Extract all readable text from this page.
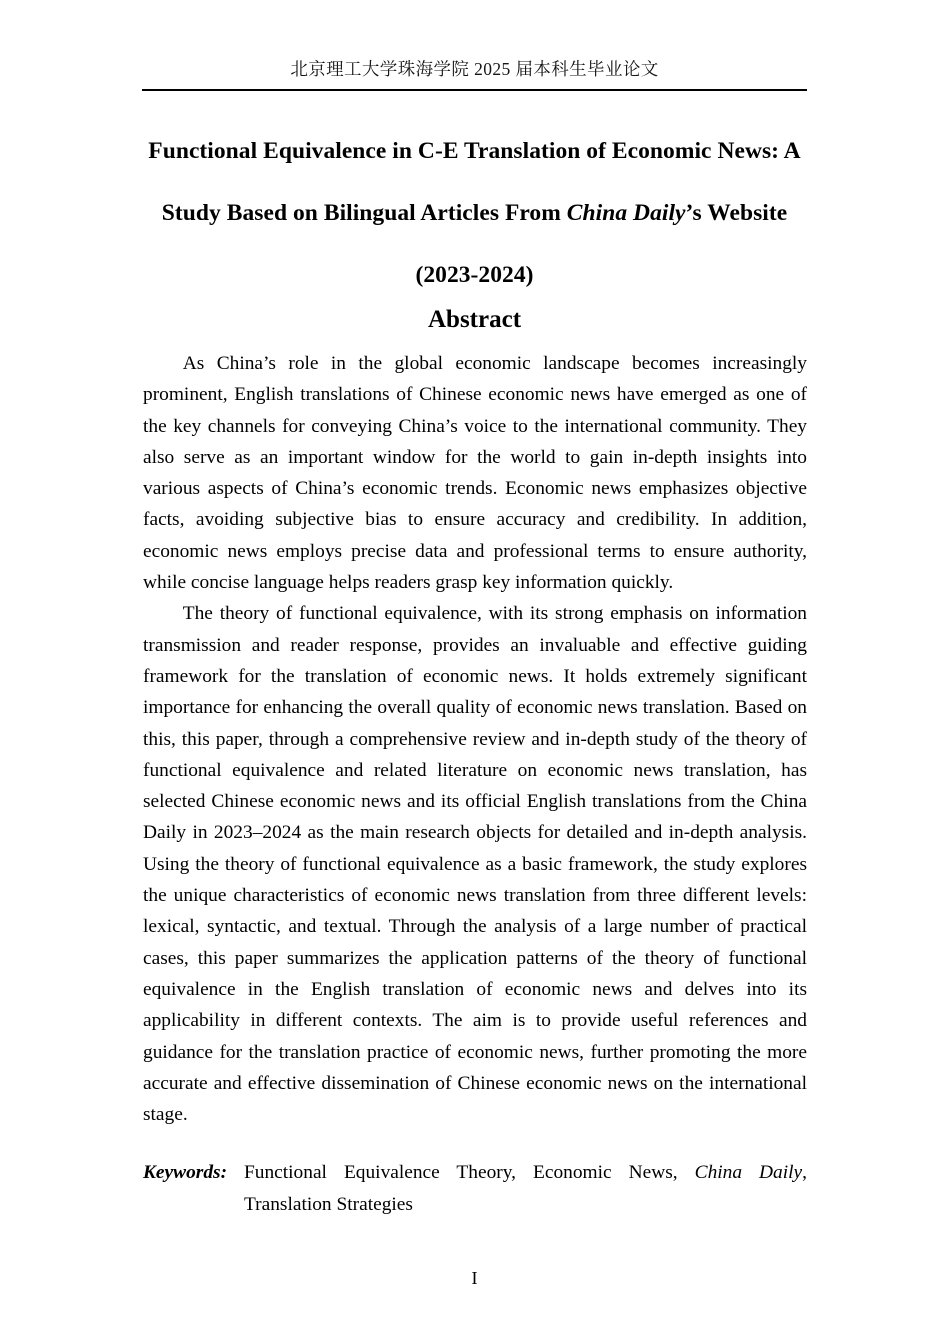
北京理工大学珠海学院 2025 届本科生毕业论文
Functional Equivalence in C-E Translation of Economic News: A
Study Based on Bilingual Articles From China Daily’s Website
(2023-2024)
Abstract

As China’s role in the global economic landscape becomes increasingly prominent, English translations of Chinese economic news have emerged as one of the key channels for conveying China’s voice to the international community. They also serve as an important window for the world to gain in-depth insights into various aspects of China’s economic trends. Economic news emphasizes objective facts, avoiding subjective bias to ensure accuracy and credibility. In addition, economic news employs precise data and professional terms to ensure authority, while concise language helps readers grasp key information quickly.

The theory of functional equivalence, with its strong emphasis on information transmission and reader response, provides an invaluable and effective guiding framework for the translation of economic news. It holds extremely significant importance for enhancing the overall quality of economic news translation. Based on this, this paper, through a comprehensive review and in-depth study of the theory of functional equivalence and related literature on economic news translation, has selected Chinese economic news and its official English translations from the China Daily in 2023–2024 as the main research objects for detailed and in-depth analysis. Using the theory of functional equivalence as a basic framework, the study explores the unique characteristics of economic news translation from three different levels: lexical, syntactic, and textual. Through the analysis of a large number of practical cases, this paper summarizes the application patterns of the theory of functional equivalence in the English translation of economic news and delves into its applicability in different contexts. The aim is to provide useful references and guidance for the translation practice of economic news, further promoting the more accurate and effective dissemination of Chinese economic news on the international stage.

Keywords: Functional Equivalence Theory, Economic News, China Daily,
Translation Strategies
I
